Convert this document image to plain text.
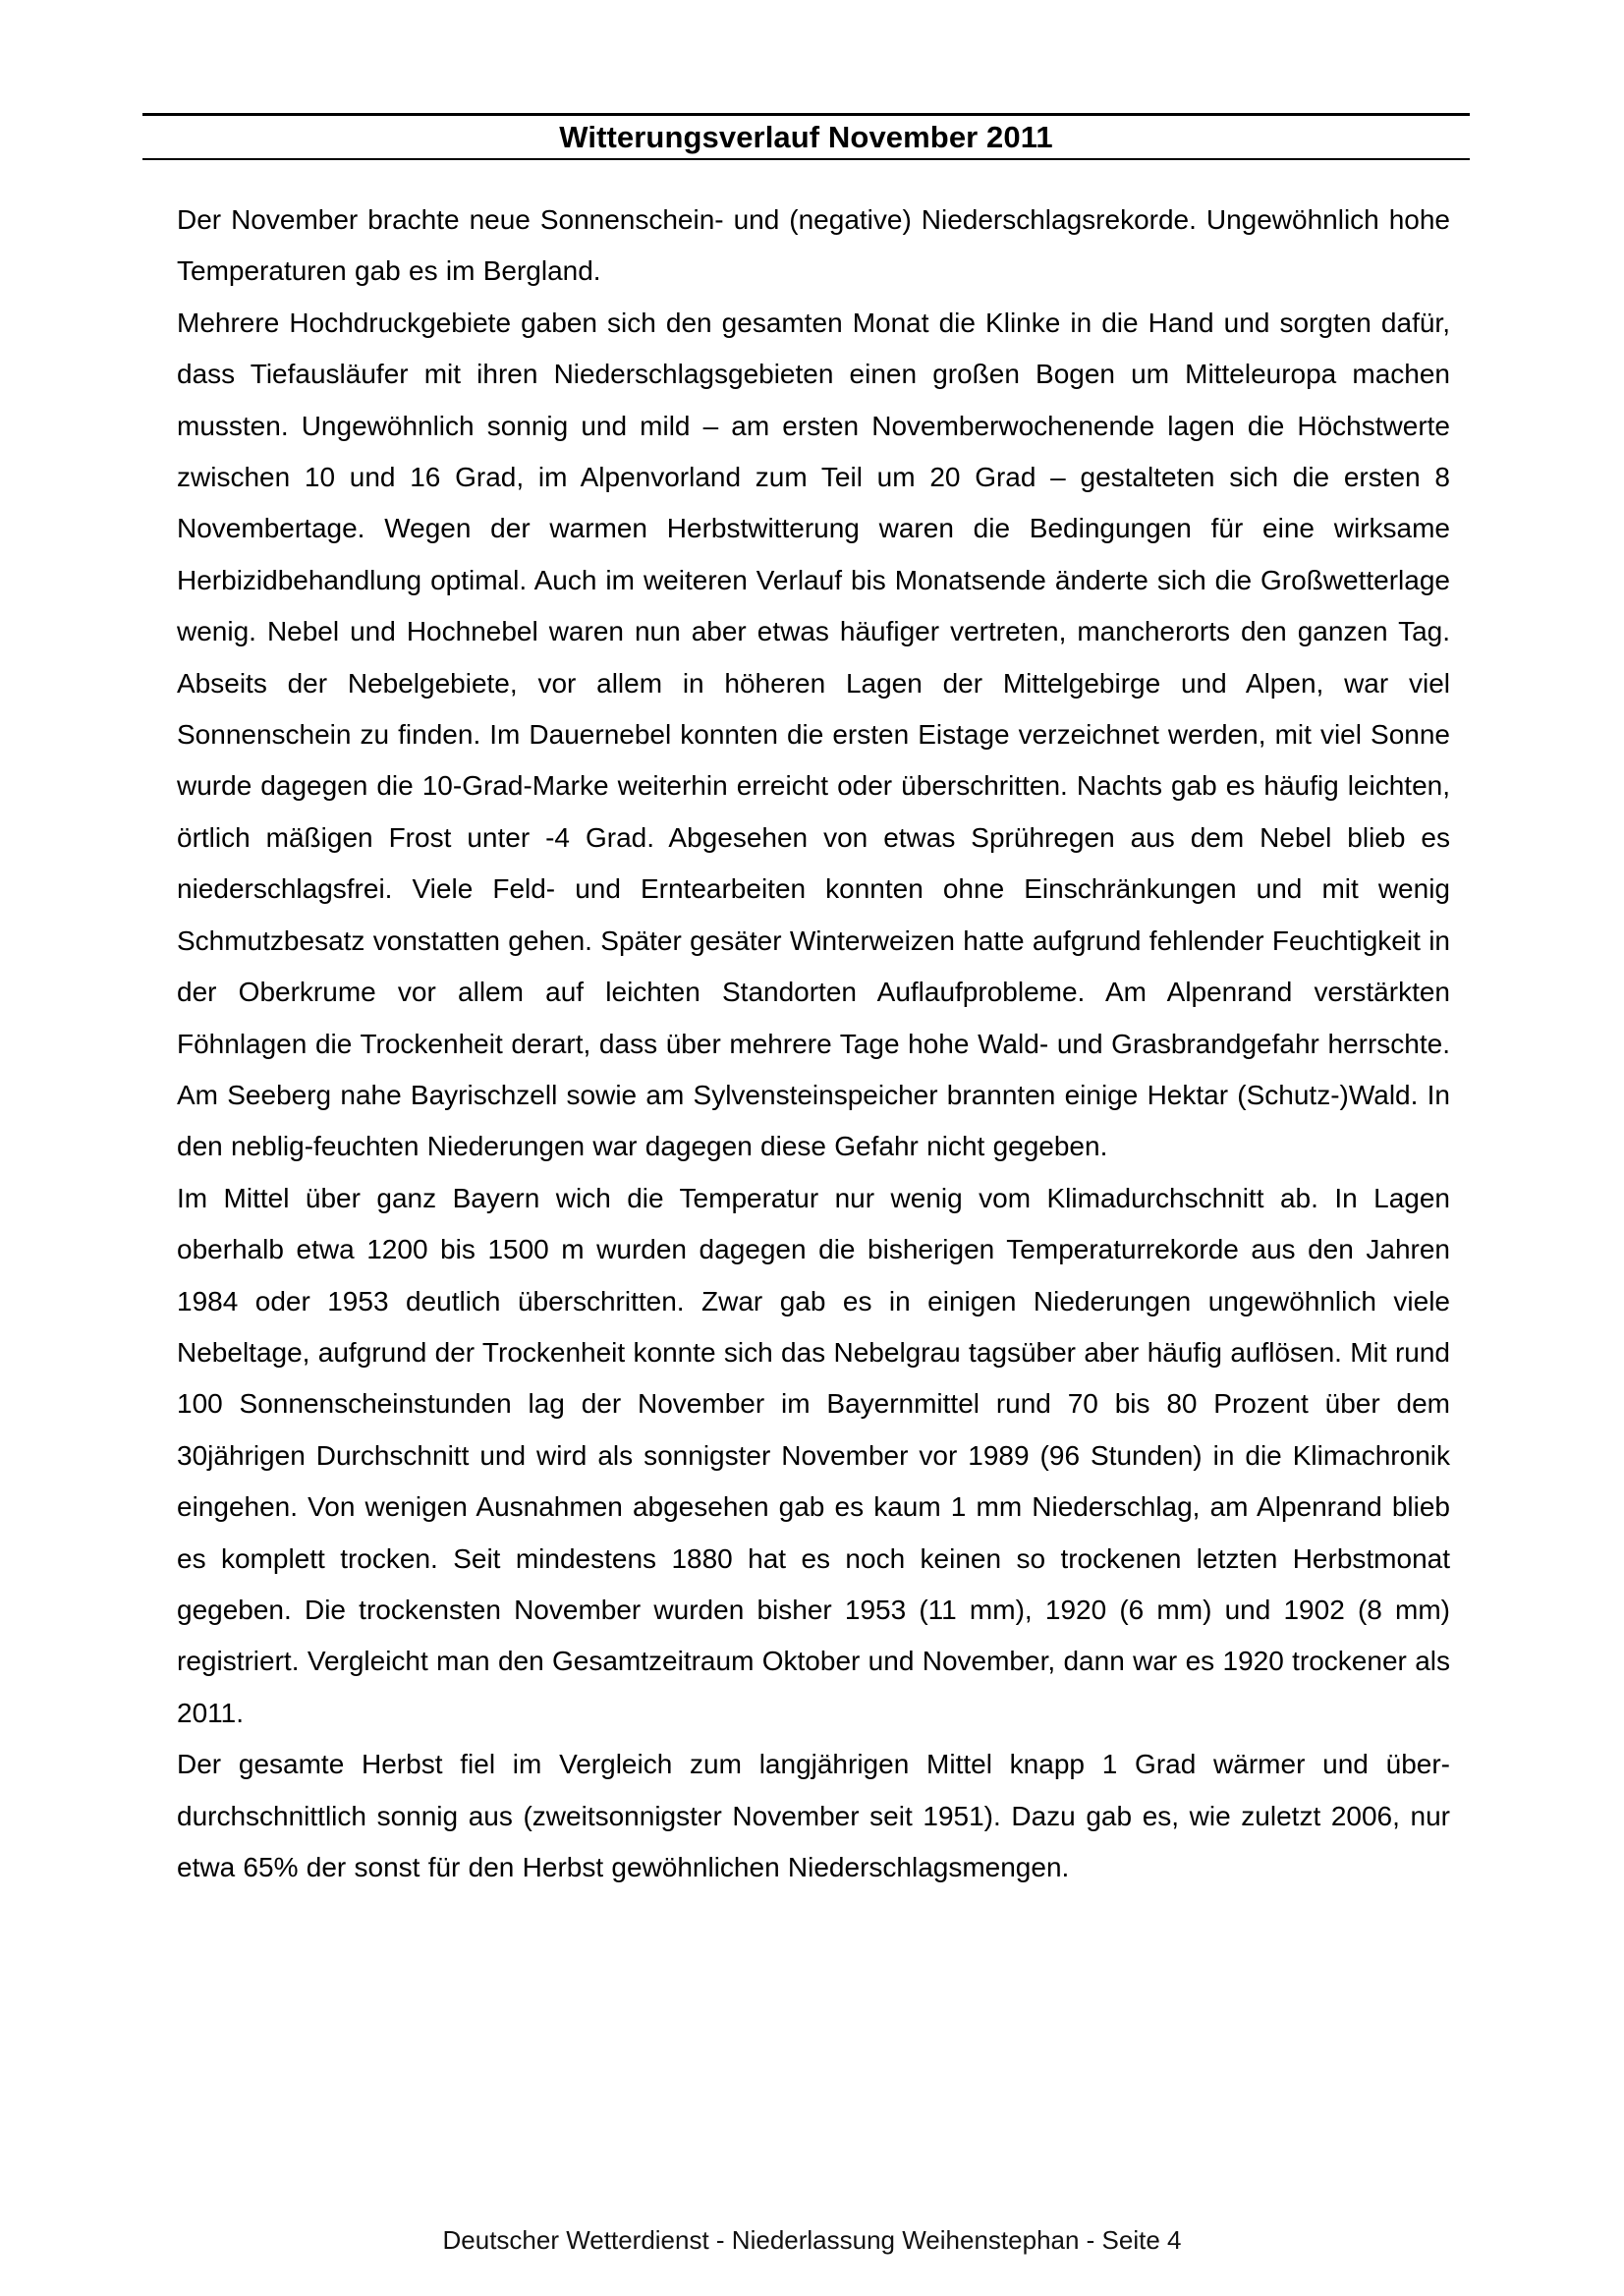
Witterungsverlauf November 2011

Der November brachte neue Sonnenschein- und (negative) Niederschlagsrekorde. Ungewöhnlich hohe Temperaturen gab es im Bergland.

Mehrere Hochdruckgebiete gaben sich den gesamten Monat die Klinke in die Hand und sorgten dafür, dass Tiefausläufer mit ihren Niederschlagsgebieten einen großen Bogen um Mitteleuropa machen mussten. Ungewöhnlich sonnig und mild – am ersten Novemberwochenende lagen die Höchstwerte zwischen 10 und 16 Grad, im Alpenvorland zum Teil um 20 Grad – gestalteten sich die ersten 8 Novembertage. Wegen der warmen Herbstwitterung waren die Bedingungen für eine wirksame Herbizidbehandlung optimal. Auch im weiteren Verlauf bis Monatsende änderte sich die Großwetterlage wenig. Nebel und Hochnebel waren nun aber etwas häufiger vertreten, mancherorts den ganzen Tag. Abseits der Nebelgebiete, vor allem in höheren Lagen der Mittelgebirge und Alpen, war viel Sonnenschein zu finden. Im Dauernebel konnten die ersten Eistage verzeichnet werden, mit viel Sonne wurde dagegen die 10-Grad-Marke weiterhin erreicht oder überschritten. Nachts gab es häufig leichten, örtlich mäßigen Frost unter -4 Grad. Abgesehen von etwas Sprühregen aus dem Nebel blieb es niederschlagsfrei. Viele Feld- und Erntearbeiten konnten ohne Einschränkungen und mit wenig Schmutzbesatz vonstatten gehen. Später gesäter Winterweizen hatte aufgrund fehlender Feuchtigkeit in der Oberkrume vor allem auf leichten Standorten Auflaufprobleme. Am Alpenrand verstärkten Föhnlagen die Trockenheit derart, dass über mehrere Tage hohe Wald- und Grasbrandgefahr herrschte. Am Seeberg nahe Bayrischzell sowie am Sylvensteinspeicher brannten einige Hektar (Schutz-)Wald. In den neblig-feuchten Niederungen war dagegen diese Gefahr nicht gegeben.

Im Mittel über ganz Bayern wich die Temperatur nur wenig vom Klimadurchschnitt ab. In Lagen oberhalb etwa 1200 bis 1500 m wurden dagegen die bisherigen Temperaturrekorde aus den Jahren 1984 oder 1953 deutlich überschritten. Zwar gab es in einigen Niederungen ungewöhnlich viele Nebeltage, aufgrund der Trockenheit konnte sich das Nebelgrau tagsüber aber häufig auflösen. Mit rund 100 Sonnenscheinstunden lag der November im Bayernmittel rund 70 bis 80 Prozent über dem 30jährigen Durchschnitt und wird als sonnigster November vor 1989 (96 Stunden) in die Klimachronik eingehen. Von wenigen Ausnahmen abgesehen gab es kaum 1 mm Niederschlag, am Alpenrand blieb es komplett trocken. Seit mindestens 1880 hat es noch keinen so trockenen letzten Herbstmonat gegeben. Die trockensten November wurden bisher 1953 (11 mm), 1920 (6 mm) und 1902 (8 mm) registriert. Vergleicht man den Gesamtzeitraum Oktober und November, dann war es 1920 trockener als 2011.

Der gesamte Herbst fiel im Vergleich zum langjährigen Mittel knapp 1 Grad wärmer und überdurchschnittlich sonnig aus (zweitsonnigster November seit 1951). Dazu gab es, wie zuletzt 2006, nur etwa 65% der sonst für den Herbst gewöhnlichen Niederschlagsmengen.

Deutscher Wetterdienst - Niederlassung Weihenstephan - Seite 4
